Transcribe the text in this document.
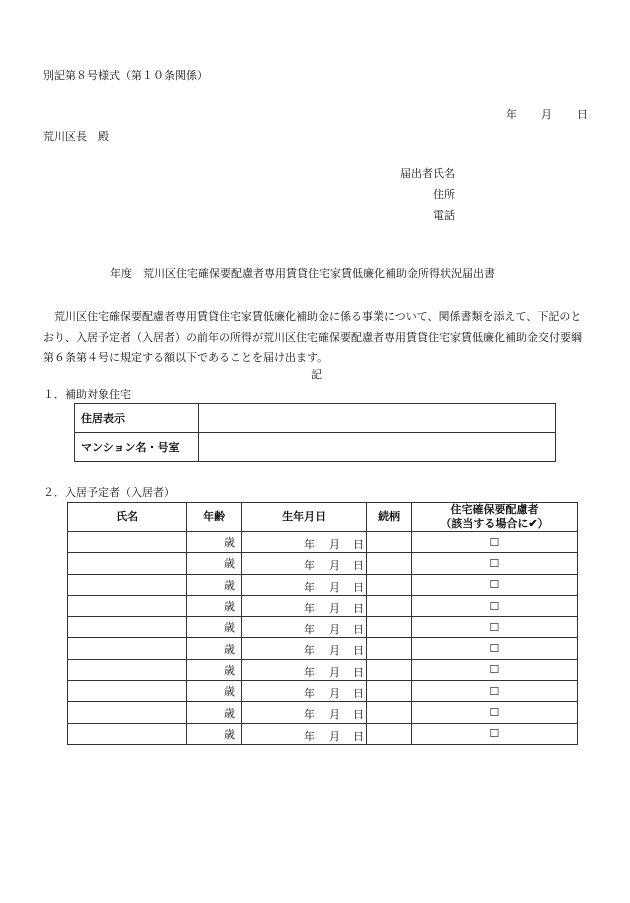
別記第８号様式（第１０条関係）
年 月 日
荒川区長　殿
届出者氏名
住所
電話
年度　荒川区住宅確保要配慮者専用賃貸住宅家賃低廉化補助金所得状況届出書
荒川区住宅確保要配慮者専用賃貸住宅家賃低廉化補助金に係る事業について、関係書類を添えて、下記のとおり、入居予定者（入居者）の前年の所得が荒川区住宅確保要配慮者専用賃貸住宅家賃低廉化補助金交付要綱第６条第４号に規定する額以下であることを届け出ます。
記
１．補助対象住宅
住居表示	
マンション名・号室	
２．入居予定者（入居者）
氏名	年齢	生年月日	続柄	住宅確保要配慮者
（該当する場合に✔）

	歳	年 月 日		☐
	歳	年 月 日		☐
	歳	年 月 日		☐
	歳	年 月 日		☐
	歳	年 月 日		☐
	歳	年 月 日		☐
	歳	年 月 日		☐
	歳	年 月 日		☐
	歳	年 月 日		☐
	歳	年 月 日		☐
